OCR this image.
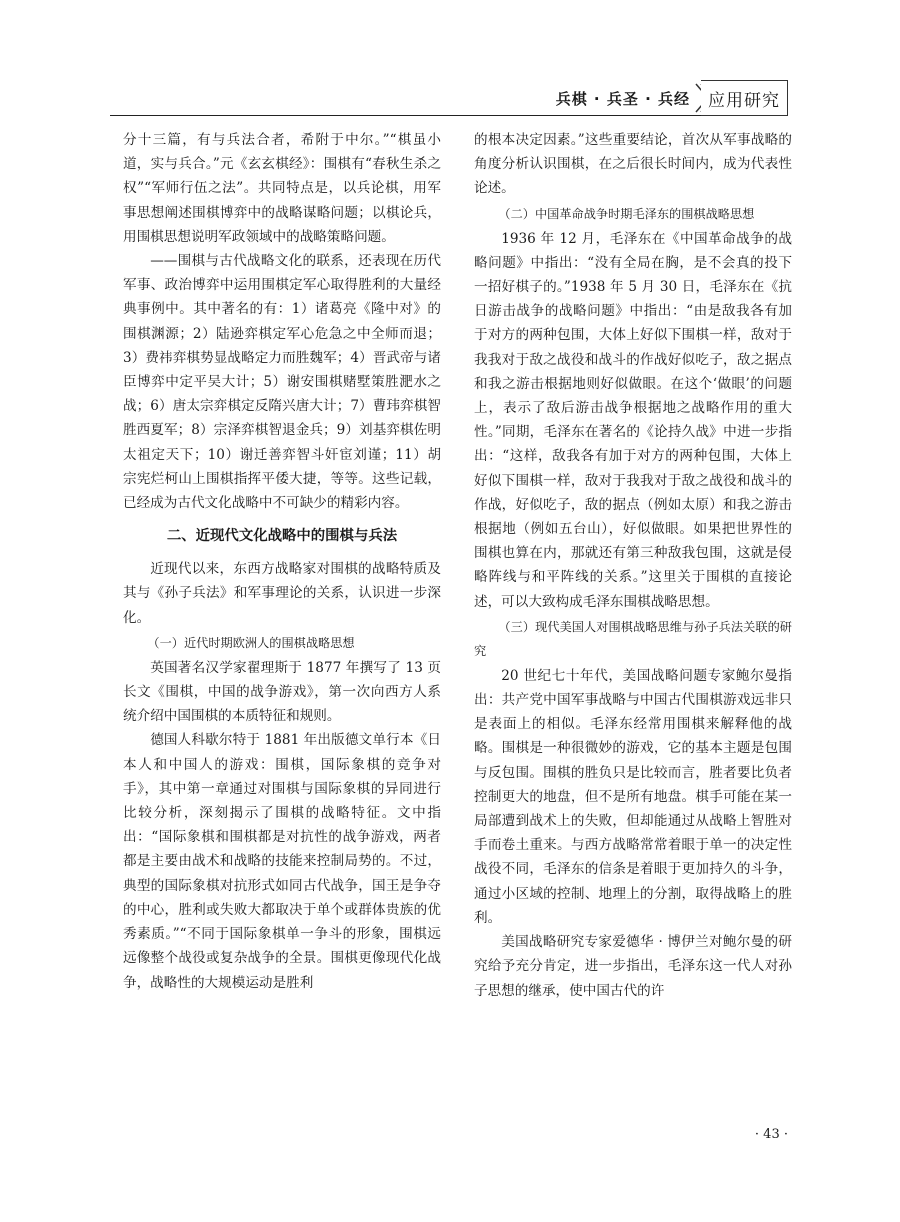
兵棋 · 兵圣 · 兵经	应用研究

分十三篇，有与兵法合者，希附于中尔。”“棋虽小道，实与兵合。”元《玄玄棋经》：围棋有“春秋生杀之权”“军师行伍之法”。共同特点是，以兵论棋，用军事思想阐述围棋博弈中的战略谋略问题；以棋论兵，用围棋思想说明军政领域中的战略策略问题。

——围棋与古代战略文化的联系，还表现在历代军事、政治博弈中运用围棋定军心取得胜利的大量经典事例中。其中著名的有：1）诸葛亮《隆中对》的围棋渊源；2）陆逊弈棋定军心危急之中全师而退；3）费祎弈棋势显战略定力而胜魏军；4）晋武帝与诸臣博弈中定平吴大计；5）谢安围棋赌墅策胜淝水之战；6）唐太宗弈棋定反隋兴唐大计；7）曹玮弈棋智胜西夏军；8）宗泽弈棋智退金兵；9）刘基弈棋佐明太祖定天下；10）谢迁善弈智斗奸宦刘谨；11）胡宗宪烂柯山上围棋指挥平倭大捷，等等。这些记载，已经成为古代文化战略中不可缺少的精彩内容。

二、近现代文化战略中的围棋与兵法

近现代以来，东西方战略家对围棋的战略特质及其与《孙子兵法》和军事理论的关系，认识进一步深化。

（一）近代时期欧洲人的围棋战略思想

英国著名汉学家翟理斯于 1877 年撰写了 13 页长文《围棋，中国的战争游戏》，第一次向西方人系统介绍中国围棋的本质特征和规则。

德国人科歇尔特于 1881 年出版德文单行本《日本人和中国人的游戏：围棋，国际象棋的竞争对手》，其中第一章通过对围棋与国际象棋的异同进行比较分析，深刻揭示了围棋的战略特征。文中指出：“国际象棋和围棋都是对抗性的战争游戏，两者都是主要由战术和战略的技能来控制局势的。不过，典型的国际象棋对抗形式如同古代战争，国王是争夺的中心，胜利或失败大都取决于单个或群体贵族的优秀素质。”“不同于国际象棋单一争斗的形象，围棋远远像整个战役或复杂战争的全景。围棋更像现代化战争，战略性的大规模运动是胜利

的根本决定因素。”这些重要结论，首次从军事战略的角度分析认识围棋，在之后很长时间内，成为代表性论述。

（二）中国革命战争时期毛泽东的围棋战略思想

1936 年 12 月，毛泽东在《中国革命战争的战略问题》中指出：“没有全局在胸，是不会真的投下一招好棋子的。”1938 年 5 月 30 日，毛泽东在《抗日游击战争的战略问题》中指出：“由是敌我各有加于对方的两种包围，大体上好似下围棋一样，敌对于我我对于敌之战役和战斗的作战好似吃子，敌之据点和我之游击根据地则好似做眼。在这个‘做眼’的问题上，表示了敌后游击战争根据地之战略作用的重大性。”同期，毛泽东在著名的《论持久战》中进一步指出：“这样，敌我各有加于对方的两种包围，大体上好似下围棋一样，敌对于我我对于敌之战役和战斗的作战，好似吃子，敌的据点（例如太原）和我之游击根据地（例如五台山），好似做眼。如果把世界性的围棋也算在内，那就还有第三种敌我包围，这就是侵略阵线与和平阵线的关系。”这里关于围棋的直接论述，可以大致构成毛泽东围棋战略思想。

（三）现代美国人对围棋战略思维与孙子兵法关联的研究

20 世纪七十年代，美国战略问题专家鲍尔曼指出：共产党中国军事战略与中国古代围棋游戏远非只是表面上的相似。毛泽东经常用围棋来解释他的战略。围棋是一种很微妙的游戏，它的基本主题是包围与反包围。围棋的胜负只是比较而言，胜者要比负者控制更大的地盘，但不是所有地盘。棋手可能在某一局部遭到战术上的失败，但却能通过从战略上智胜对手而卷土重来。与西方战略常常着眼于单一的决定性战役不同，毛泽东的信条是着眼于更加持久的斗争，通过小区域的控制、地理上的分割，取得战略上的胜利。

美国战略研究专家爱德华 · 博伊兰对鲍尔曼的研究给予充分肯定，进一步指出，毛泽东这一代人对孙子思想的继承，使中国古代的许

· 43 ·
